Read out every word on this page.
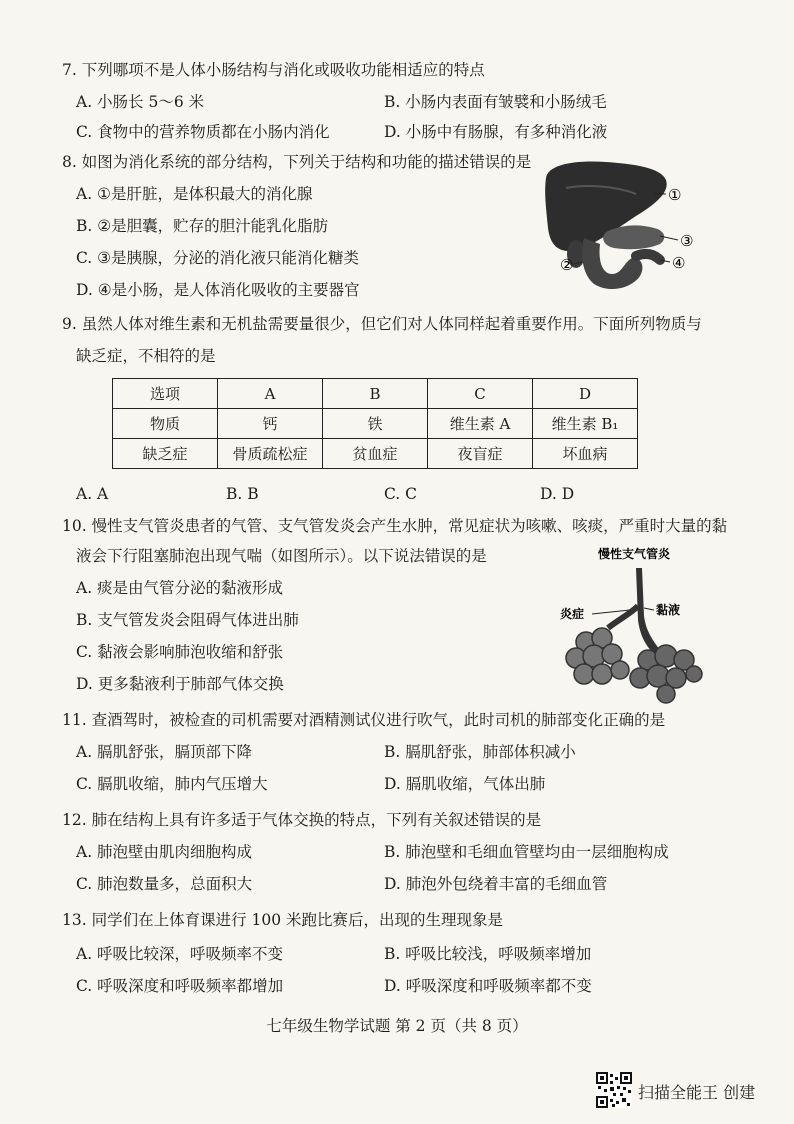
7. 下列哪项不是人体小肠结构与消化或吸收功能相适应的特点
A. 小肠长 5～6 米	B. 小肠内表面有皱襞和小肠绒毛
C. 食物中的营养物质都在小肠内消化	D. 小肠中有肠腺，有多种消化液
8. 如图为消化系统的部分结构，下列关于结构和功能的描述错误的是
A. ①是肝脏，是体积最大的消化腺
B. ②是胆囊，贮存的胆汁能乳化脂肪
C. ③是胰腺，分泌的消化液只能消化糖类
D. ④是小肠，是人体消化吸收的主要器官
①
②
③
④
9. 虽然人体对维生素和无机盐需要量很少，但它们对人体同样起着重要作用。下面所列物质与
缺乏症，不相符的是
选项	A	B	C	D
物质	钙	铁	维生素 A	维生素 B₁
缺乏症	骨质疏松症	贫血症	夜盲症	坏血病
A. A	B. B	C. C	D. D
10. 慢性支气管炎患者的气管、支气管发炎会产生水肿，常见症状为咳嗽、咳痰，严重时大量的黏
液会下行阻塞肺泡出现气喘（如图所示）。以下说法错误的是
A. 痰是由气管分泌的黏液形成
B. 支气管发炎会阻碍气体进出肺
C. 黏液会影响肺泡收缩和舒张
D. 更多黏液利于肺部气体交换
慢性支气管炎
炎症	黏液
11. 查酒驾时，被检查的司机需要对酒精测试仪进行吹气，此时司机的肺部变化正确的是
A. 膈肌舒张，膈顶部下降	B. 膈肌舒张，肺部体积减小
C. 膈肌收缩，肺内气压增大	D. 膈肌收缩，气体出肺
12. 肺在结构上具有许多适于气体交换的特点，下列有关叙述错误的是
A. 肺泡壁由肌肉细胞构成	B. 肺泡壁和毛细血管壁均由一层细胞构成
C. 肺泡数量多，总面积大	D. 肺泡外包绕着丰富的毛细血管
13. 同学们在上体育课进行 100 米跑比赛后，出现的生理现象是
A. 呼吸比较深，呼吸频率不变	B. 呼吸比较浅，呼吸频率增加
C. 呼吸深度和呼吸频率都增加	D. 呼吸深度和呼吸频率都不变
七年级生物学试题 第 2 页（共 8 页）
扫描全能王 创建
